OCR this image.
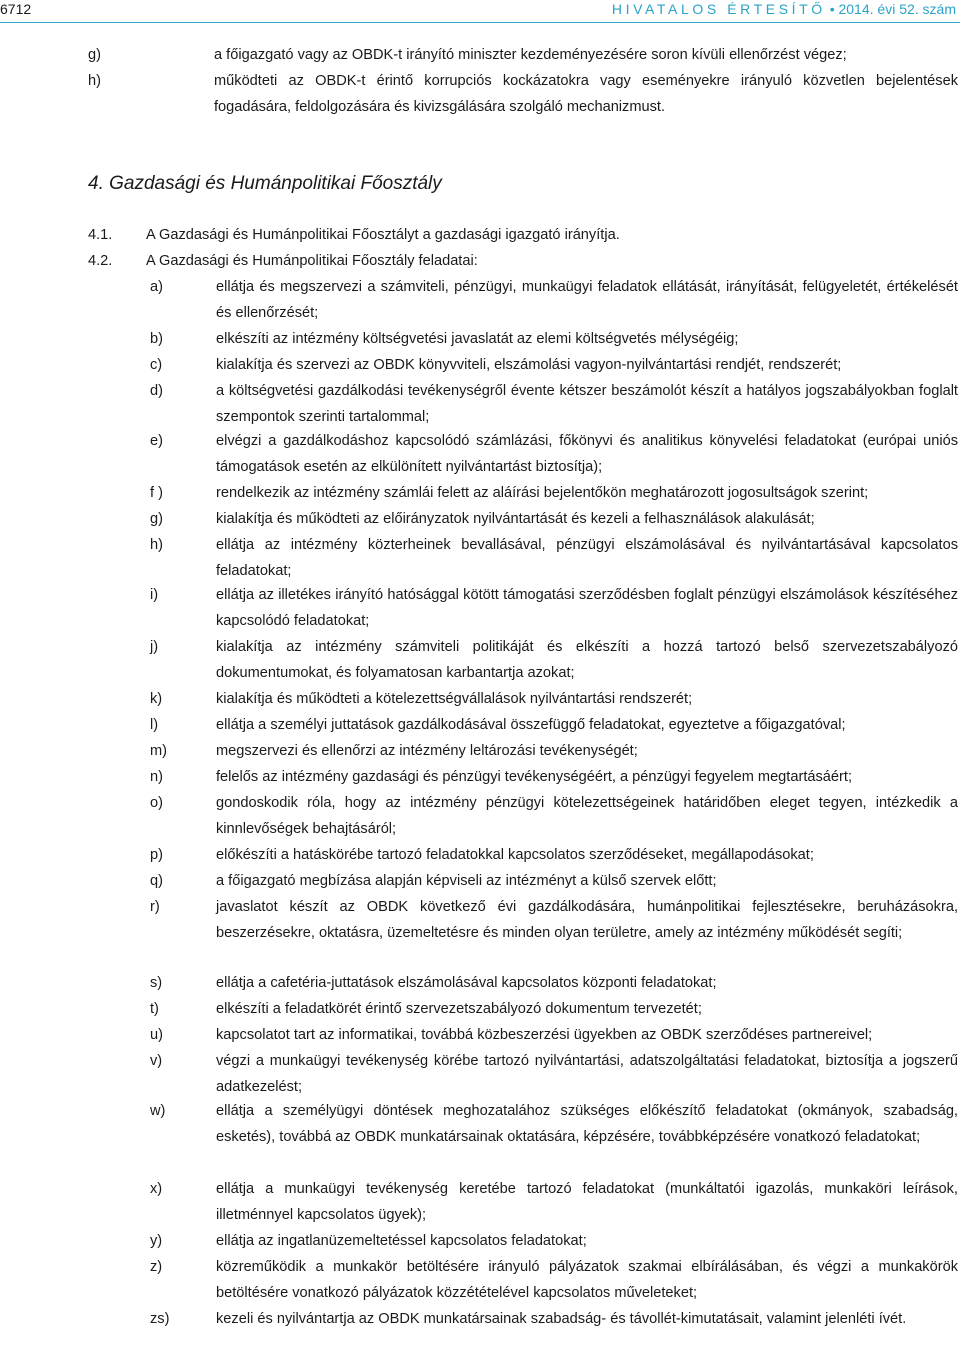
6712	HIVATALOS ÉRTESÍTŐ • 2014. évi 52. szám
g)	a főigazgató vagy az OBDK-t irányító miniszter kezdeményezésére soron kívüli ellenőrzést végez;
h)	működteti az OBDK-t érintő korrupciós kockázatokra vagy eseményekre irányuló közvetlen bejelentések fogadására, feldolgozására és kivizsgálására szolgáló mechanizmust.
4. Gazdasági és Humánpolitikai Főosztály
4.1. A Gazdasági és Humánpolitikai Főosztályt a gazdasági igazgató irányítja.
4.2. A Gazdasági és Humánpolitikai Főosztály feladatai:
a)	ellátja és megszervezi a számviteli, pénzügyi, munkaügyi feladatok ellátását, irányítását, felügyeletét, értékelését és ellenőrzését;
b)	elkészíti az intézmény költségvetési javaslatát az elemi költségvetés mélységéig;
c)	kialakítja és szervezi az OBDK könyvviteli, elszámolási vagyon-nyilvántartási rendjét, rendszerét;
d)	a költségvetési gazdálkodási tevékenységről évente kétszer beszámolót készít a hatályos jogszabályokban foglalt szempontok szerinti tartalommal;
e)	elvégzi a gazdálkodáshoz kapcsolódó számlázási, főkönyvi és analitikus könyvelési feladatokat (európai uniós támogatások esetén az elkülönített nyilvántartást biztosítja);
f )	rendelkezik az intézmény számlái felett az aláírási bejelentőkön meghatározott jogosultságok szerint;
g)	kialakítja és működteti az előirányzatok nyilvántartását és kezeli a felhasználások alakulását;
h)	ellátja az intézmény közterheinek bevallásával, pénzügyi elszámolásával és nyilvántartásával kapcsolatos feladatokat;
i)	ellátja az illetékes irányító hatósággal kötött támogatási szerződésben foglalt pénzügyi elszámolások készítéséhez kapcsolódó feladatokat;
j)	kialakítja az intézmény számviteli politikáját és elkészíti a hozzá tartozó belső szervezetszabályozó dokumentumokat, és folyamatosan karbantartja azokat;
k)	kialakítja és működteti a kötelezettségvállalások nyilvántartási rendszerét;
l)	ellátja a személyi juttatások gazdálkodásával összefüggő feladatokat, egyeztetve a főigazgatóval;
m)	megszervezi és ellenőrzi az intézmény leltározási tevékenységét;
n)	felelős az intézmény gazdasági és pénzügyi tevékenységéért, a pénzügyi fegyelem megtartásáért;
o)	gondoskodik róla, hogy az intézmény pénzügyi kötelezettségeinek határidőben eleget tegyen, intézkedik a kinnlevőségek behajtásáról;
p)	előkészíti a hatáskörébe tartozó feladatokkal kapcsolatos szerződéseket, megállapodásokat;
q)	a főigazgató megbízása alapján képviseli az intézményt a külső szervek előtt;
r)	javaslatot készít az OBDK következő évi gazdálkodására, humánpolitikai fejlesztésekre, beruházásokra, beszerzésekre, oktatásra, üzemeltetésre és minden olyan területre, amely az intézmény működését segíti;
s)	ellátja a cafetéria-juttatások elszámolásával kapcsolatos központi feladatokat;
t)	elkészíti a feladatkörét érintő szervezetszabályozó dokumentum tervezetét;
u)	kapcsolatot tart az informatikai, továbbá közbeszerzési ügyekben az OBDK szerződéses partnereivel;
v)	végzi a munkaügyi tevékenység körébe tartozó nyilvántartási, adatszolgáltatási feladatokat, biztosítja a jogszerű adatkezelést;
w)	ellátja a személyügyi döntések meghozatalához szükséges előkészítő feladatokat (okmányok, szabadság, esketés), továbbá az OBDK munkatársainak oktatására, képzésére, továbbképzésére vonatkozó feladatokat;
x)	ellátja a munkaügyi tevékenység keretébe tartozó feladatokat (munkáltatói igazolás, munkaköri leírások, illetménnyel kapcsolatos ügyek);
y)	ellátja az ingatlanüzemeltetéssel kapcsolatos feladatokat;
z)	közreműködik a munkakör betöltésére irányuló pályázatok szakmai elbírálásában, és végzi a munkakörök betöltésére vonatkozó pályázatok közzétételével kapcsolatos műveleteket;
zs)	kezeli és nyilvántartja az OBDK munkatársainak szabadság- és távollét-kimutatásait, valamint jelenléti ívét.
